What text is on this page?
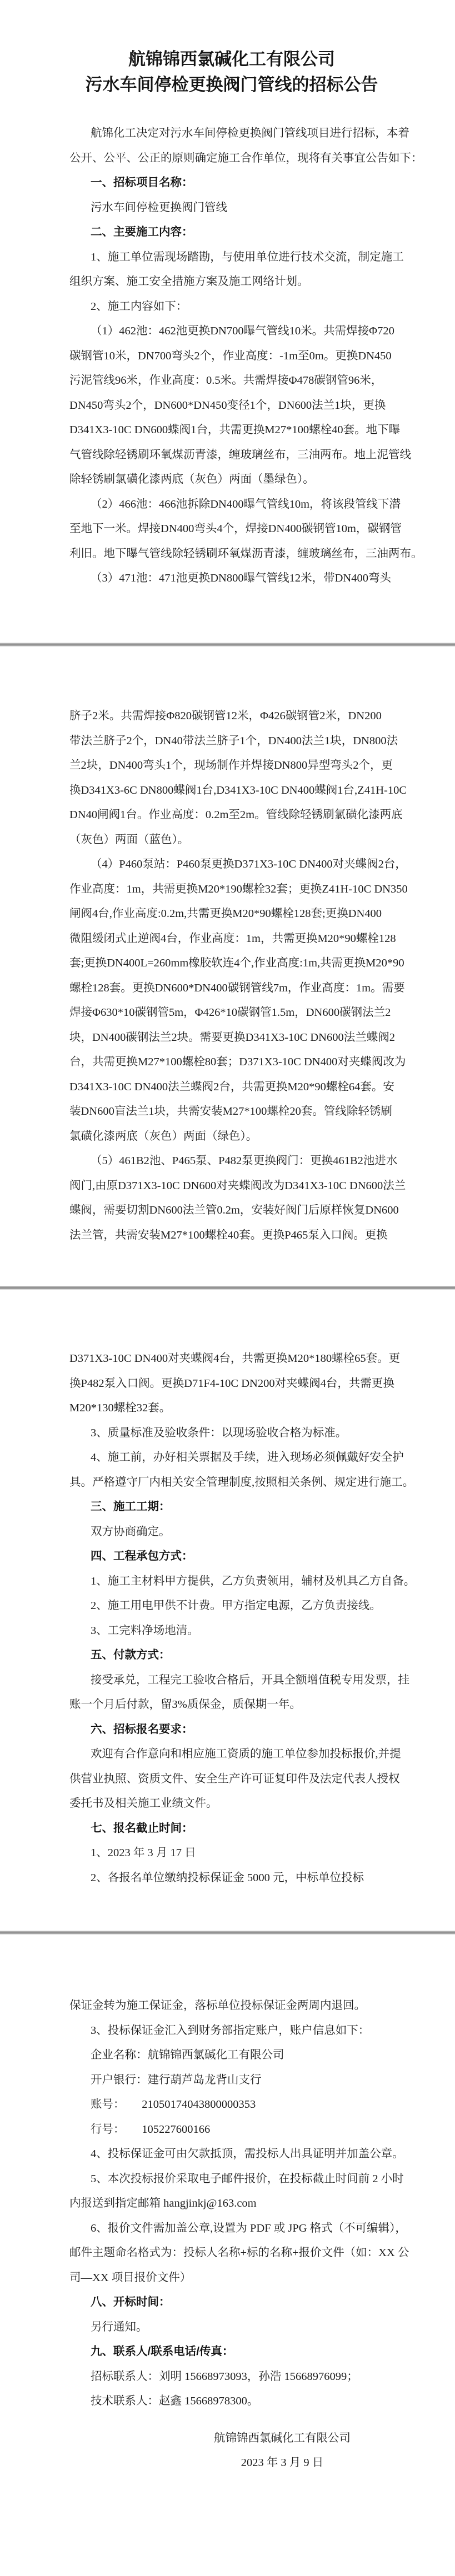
航锦锦西氯碱化工有限公司
污水车间停检更换阀门管线的招标公告
航锦化工决定对污水车间停检更换阀门管线项目进行招标，本着
公开、公平、公正的原则确定施工合作单位，现将有关事宜公告如下：
一、招标项目名称：
污水车间停检更换阀门管线
二、主要施工内容：
1、施工单位需现场踏勘，与使用单位进行技术交流，制定施工
组织方案、施工安全措施方案及施工网络计划。
2、施工内容如下：
（1）462池：462池更换DN700曝气管线10米。共需焊接Φ720
碳钢管10米，DN700弯头2个，作业高度：-1m至0m。更换DN450
污泥管线96米，作业高度：0.5米。共需焊接Φ478碳钢管96米，
DN450弯头2个，DN600*DN450变径1个，DN600法兰1块，更换
D341X3-10C DN600蝶阀1台，共需更换M27*100螺栓40套。地下曝
气管线除轻锈刷环氧煤沥青漆，缠玻璃丝布，三油两布。地上泥管线
除轻锈刷氯磺化漆两底（灰色）两面（墨绿色）。
（2）466池：466池拆除DN400曝气管线10m，将该段管线下潜
至地下一米。焊接DN400弯头4个，焊接DN400碳钢管10m，碳钢管
利旧。地下曝气管线除轻锈刷环氧煤沥青漆，缠玻璃丝布，三油两布。
（3）471池：471池更换DN800曝气管线12米，带DN400弯头
脐子2米。共需焊接Φ820碳钢管12米，Φ426碳钢管2米，DN200
带法兰脐子2个，DN40带法兰脐子1个，DN400法兰1块，DN800法
兰2块，DN400弯头1个，现场制作并焊接DN800异型弯头2个，更
换D341X3-6C DN800蝶阀1台,D341X3-10C DN400蝶阀1台,Z41H-10C
DN40闸阀1台。作业高度：0.2m至2m。管线除轻锈刷氯磺化漆两底
（灰色）两面（蓝色）。
（4）P460泵站：P460泵更换D371X3-10C DN400对夹蝶阀2台，
作业高度：1m，共需更换M20*190螺栓32套；更换Z41H-10C DN350
闸阀4台,作业高度:0.2m,共需更换M20*90螺栓128套;更换DN400
微阻缓闭式止逆阀4台，作业高度：1m，共需更换M20*90螺栓128
套;更换DN400L=260mm橡胶软连4个,作业高度:1m,共需更换M20*90
螺栓128套。更换DN600*DN400碳钢管线7m，作业高度：1m。需要
焊接Φ630*10碳钢管5m，Φ426*10碳钢管1.5m，DN600碳钢法兰2
块，DN400碳钢法兰2块。需要更换D341X3-10C DN600法兰蝶阀2
台，共需更换M27*100螺栓80套；D371X3-10C DN400对夹蝶阀改为
D341X3-10C DN400法兰蝶阀2台，共需更换M20*90螺栓64套。安
装DN600盲法兰1块，共需安装M27*100螺栓20套。管线除轻锈刷
氯磺化漆两底（灰色）两面（绿色）。
（5）461B2池、P465泵、P482泵更换阀门：更换461B2池进水
阀门,由原D371X3-10C DN600对夹蝶阀改为D341X3-10C DN600法兰
蝶阀，需要切割DN600法兰管0.2m，安装好阀门后原样恢复DN600
法兰管，共需安装M27*100螺栓40套。更换P465泵入口阀。更换
D371X3-10C DN400对夹蝶阀4台，共需更换M20*180螺栓65套。更
换P482泵入口阀。更换D71F4-10C DN200对夹蝶阀4台，共需更换
M20*130螺栓32套。
3、质量标准及验收条件：以现场验收合格为标准。
4、施工前，办好相关票据及手续，进入现场必须佩戴好安全护
具。严格遵守厂内相关安全管理制度,按照相关条例、规定进行施工。
三、施工工期：
双方协商确定。
四、工程承包方式：
1、施工主材料甲方提供，乙方负责领用，辅材及机具乙方自备。
2、施工用电甲供不计费。甲方指定电源，乙方负责接线。
3、工完料净场地清。
五、付款方式：
接受承兑，工程完工验收合格后，开具全额增值税专用发票，挂
账一个月后付款，留3%质保金，质保期一年。
六、招标报名要求：
欢迎有合作意向和相应施工资质的施工单位参加投标报价,并提
供营业执照、资质文件、安全生产许可证复印件及法定代表人授权
委托书及相关施工业绩文件。
七、报名截止时间：
1、2023 年 3 月 17 日
2、各报名单位缴纳投标保证金 5000 元，中标单位投标
保证金转为施工保证金，落标单位投标保证金两周内退回。
3、投标保证金汇入到财务部指定账户，账户信息如下：
企业名称：航锦锦西氯碱化工有限公司
开户银行：建行葫芦岛龙背山支行
账号：      21050174043800000353
行号：      105227600166
4、投标保证金可由欠款抵顶，需投标人出具证明并加盖公章。
5、本次投标报价采取电子邮件报价，在投标截止时间前 2 小时
内报送到指定邮箱 hangjinkj@163.com
6、报价文件需加盖公章,设置为 PDF 或 JPG 格式（不可编辑），
邮件主题命名格式为：投标人名称+标的名称+报价文件（如：XX 公
司—XX 项目报价文件）
八、开标时间：
另行通知。
九、联系人/联系电话/传真：
招标联系人：刘明 15668973093，孙浩 15668976099；
技术联系人：赵鑫 15668978300。
航锦锦西氯碱化工有限公司
2023 年 3 月 9 日
